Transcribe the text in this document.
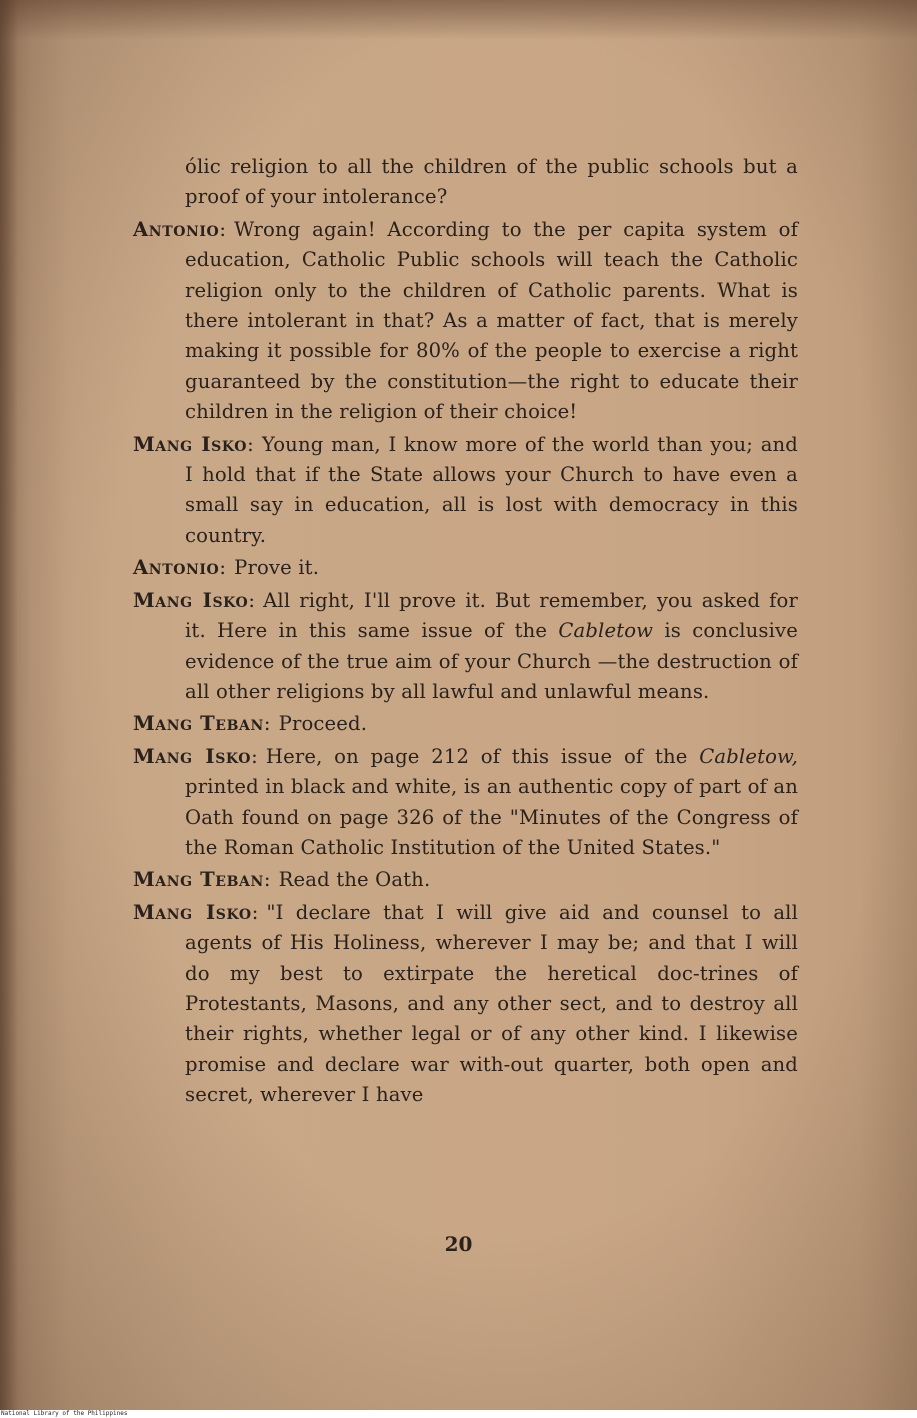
ólic religion to all the children of the public schools but a proof of your intolerance?

Antonio: Wrong again! According to the per capita system of education, Catholic Public schools will teach the Catholic religion only to the children of Catholic parents. What is there intolerant in that? As a matter of fact, that is merely making it possible for 80% of the people to exercise a right guaranteed by the constitution—the right to educate their children in the religion of their choice!

Mang Isko: Young man, I know more of the world than you; and I hold that if the State allows your Church to have even a small say in education, all is lost with democracy in this country.

Antonio: Prove it.

Mang Isko: All right, I'll prove it. But remember, you asked for it. Here in this same issue of the Cabletow is conclusive evidence of the true aim of your Church —the destruction of all other religions by all lawful and unlawful means.

Mang Teban: Proceed.

Mang Isko: Here, on page 212 of this issue of the Cabletow, printed in black and white, is an authentic copy of part of an Oath found on page 326 of the "Minutes of the Congress of the Roman Catholic Institution of the United States."

Mang Teban: Read the Oath.

Mang Isko: "I declare that I will give aid and counsel to all agents of His Holiness, wherever I may be; and that I will do my best to extirpate the heretical doc-trines of Protestants, Masons, and any other sect, and to destroy all their rights, whether legal or of any other kind. I likewise promise and declare war with-out quarter, both open and secret, wherever I have

20
National Library of the Philippines
